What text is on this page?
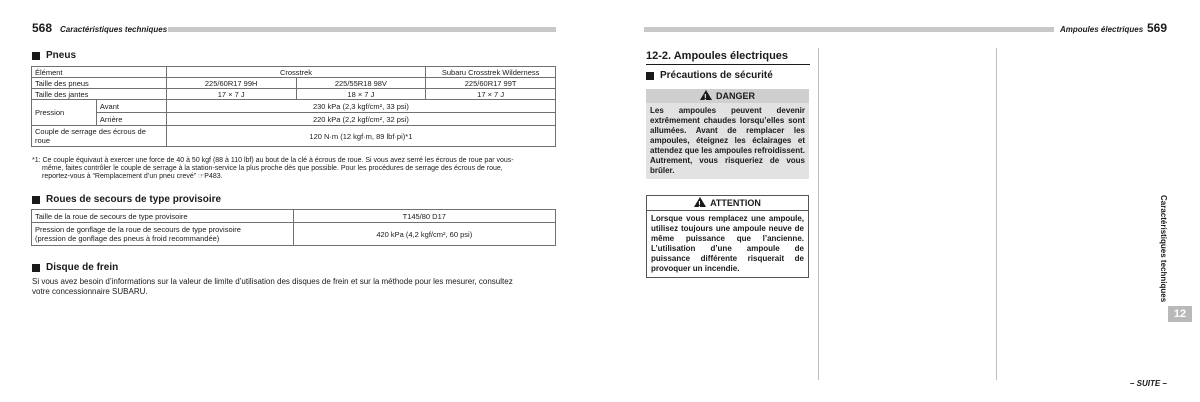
568 Caractéristiques techniques
Pneus
Élément		Crosstrek		Subaru Crosstrek Wilderness
Taille des pneus		225/60R17 99H	225/55R18 98V	225/60R17 99T
Taille des jantes		17 × 7 J	18 × 7 J	17 × 7 J
Pression	Avant	230 kPa (2,3 kgf/cm², 33 psi)		
	Arrière	220 kPa (2,2 kgf/cm², 32 psi)		

Couple de serrage des écrous de
roue		120 N·m (12 kgf·m, 89 lbf·pi)*1		
*1: Ce couple équivaut à exercer une force de 40 à 50 kgf (88 à 110 lbf) au bout de la clé à écrous de roue. Si vous avez serré les écrous de roue par vous-
même, faites contrôler le couple de serrage à la station-service la plus proche dès que possible. Pour les procédures de serrage des écrous de roue,
reportez-vous à “Remplacement d’un pneu crevé” ☞P483.
Roues de secours de type provisoire
Taille de la roue de secours de type provisoire	T145/80 D17

Pression de gonflage de la roue de secours de type provisoire
(pression de gonflage des pneus à froid recommandée)	420 kPa (4,2 kgf/cm², 60 psi)
Disque de frein
Si vous avez besoin d’informations sur la valeur de limite d’utilisation des disques de frein et sur la méthode pour les mesurer, consultez
votre concessionnaire SUBARU.
Ampoules électriques 569
12-2. Ampoules électriques
Précautions de sécurité
!DANGER
Les ampoules peuvent devenir extrêmement chaudes lorsqu’elles sont allumées. Avant de remplacer les ampoules, éteignez les éclairages et attendez que les ampoules refroidissent. Autrement, vous risqueriez de vous brûler.
!ATTENTION
Lorsque vous remplacez une ampoule, utilisez toujours une ampoule neuve de même puissance que l’ancienne. L’utilisation d’une ampoule de puissance différente risquerait de provoquer un incendie.	Caractéristiques techniques
12
– SUITE –
